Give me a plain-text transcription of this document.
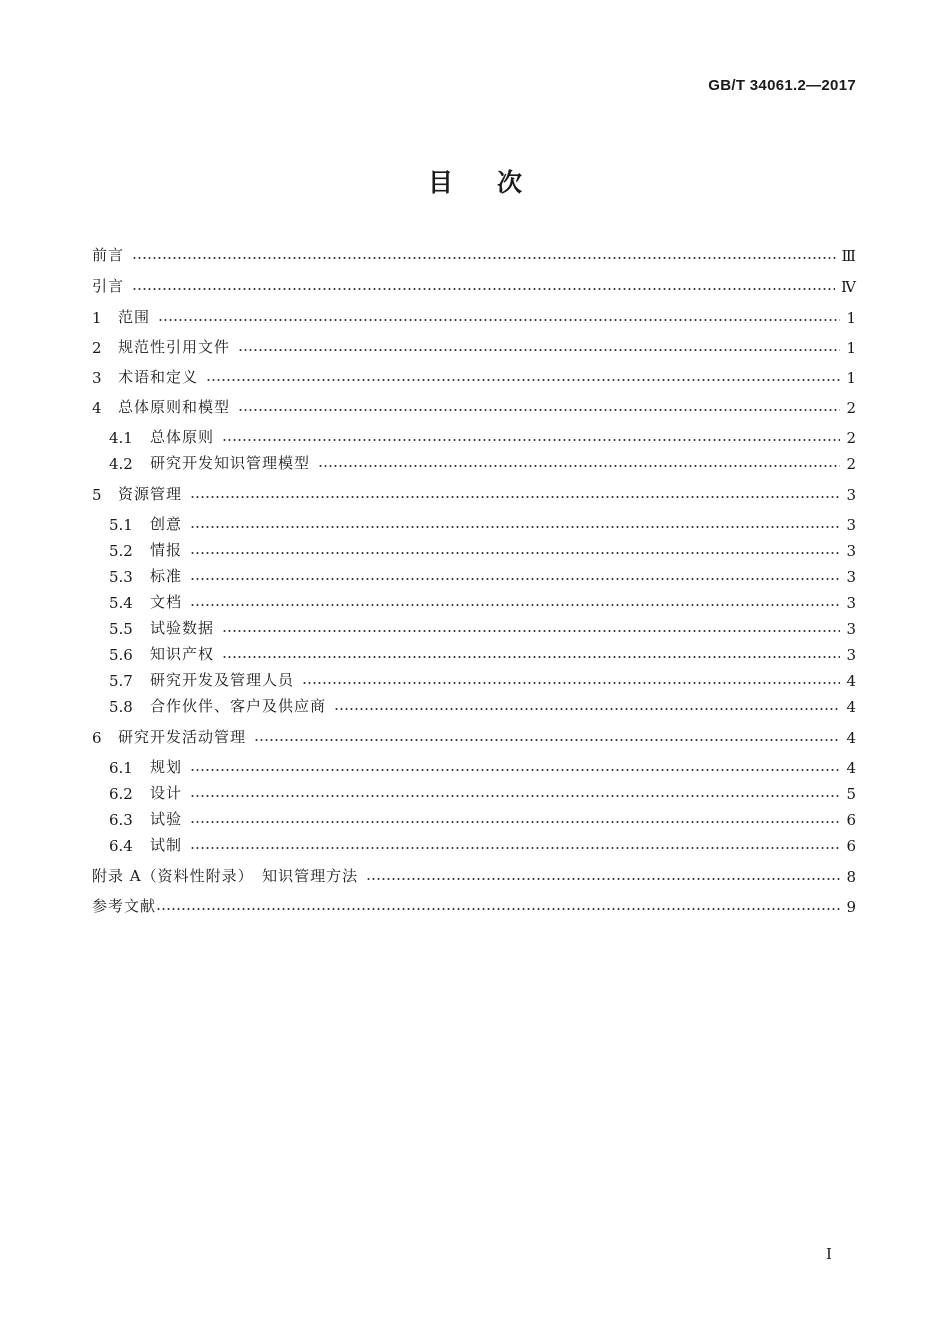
GB/T 34061.2—2017
目次
前言	Ⅲ
引言	Ⅳ
1	范围	1
2	规范性引用文件	1
3	术语和定义	1
4	总体原则和模型	2
4.1	总体原则	2
4.2	研究开发知识管理模型	2
5	资源管理	3
5.1	创意	3
5.2	情报	3
5.3	标准	3
5.4	文档	3
5.5	试验数据	3
5.6	知识产权	3
5.7	研究开发及管理人员	4
5.8	合作伙伴、客户及供应商	4
6	研究开发活动管理	4
6.1	规划	4
6.2	设计	5
6.3	试验	6
6.4	试制	6
附录 A（资料性附录）　知识管理方法	8
参考文献	9
I
